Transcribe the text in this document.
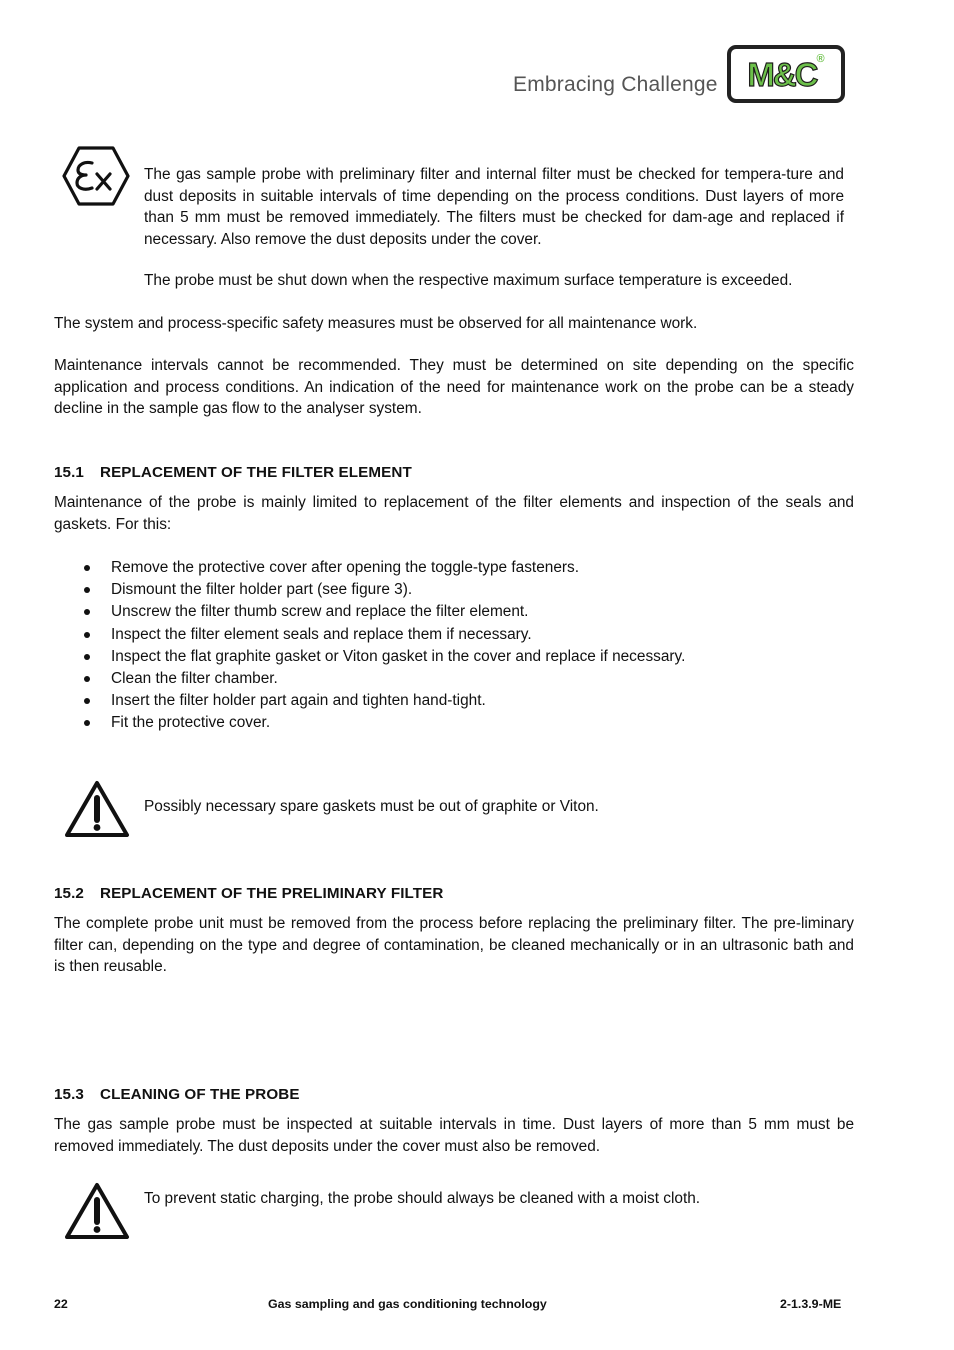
Embracing Challenge M&C®

The gas sample probe with preliminary filter and internal filter must be checked for tempera-ture and dust deposits in suitable intervals of time depending on the process conditions. Dust layers of more than 5 mm must be removed immediately. The filters must be checked for dam-age and replaced if necessary. Also remove the dust deposits under the cover.

The probe must be shut down when the respective maximum surface temperature is exceeded.

The system and process-specific safety measures must be observed for all maintenance work.

Maintenance intervals cannot be recommended. They must be determined on site depending on the specific application and process conditions. An indication of the need for maintenance work on the probe can be a steady decline in the sample gas flow to the analyser system.

15.1 REPLACEMENT OF THE FILTER ELEMENT

Maintenance of the probe is mainly limited to replacement of the filter elements and inspection of the seals and gaskets. For this:

Remove the protective cover after opening the toggle-type fasteners.
Dismount the filter holder part (see figure 3).
Unscrew the filter thumb screw and replace the filter element.
Inspect the filter element seals and replace them if necessary.
Inspect the flat graphite gasket or Viton gasket in the cover and replace if necessary.
Clean the filter chamber.
Insert the filter holder part again and tighten hand-tight.
Fit the protective cover.

Possibly necessary spare gaskets must be out of graphite or Viton.

15.2 REPLACEMENT OF THE PRELIMINARY FILTER

The complete probe unit must be removed from the process before replacing the preliminary filter. The pre-liminary filter can, depending on the type and degree of contamination, be cleaned mechanically or in an ultrasonic bath and is then reusable.

15.3 CLEANING OF THE PROBE

The gas sample probe must be inspected at suitable intervals in time. Dust layers of more than 5 mm must be removed immediately. The dust deposits under the cover must also be removed.

To prevent static charging, the probe should always be cleaned with a moist cloth.

22	Gas sampling and gas conditioning technology	2-1.3.9-ME
